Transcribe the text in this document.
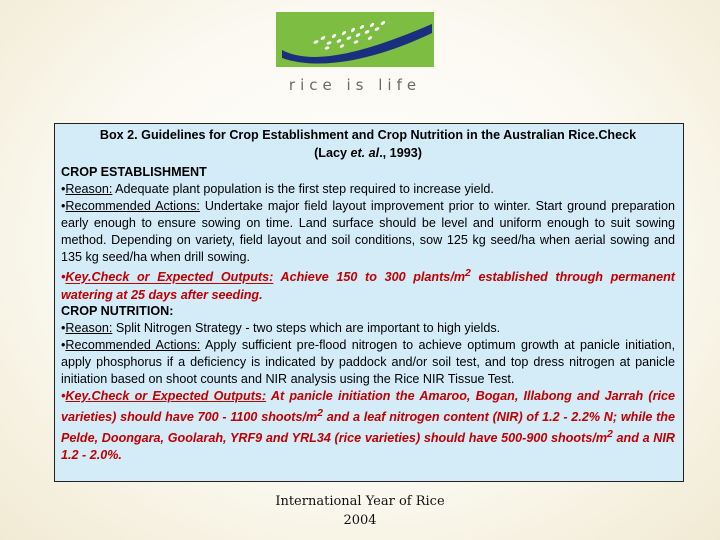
rice is life

Box 2. Guidelines for Crop Establishment and Crop Nutrition in the Australian Rice.Check
(Lacy et. al., 1993)

CROP ESTABLISHMENT

•Reason: Adequate plant population is the first step required to increase yield.

•Recommended Actions: Undertake major field layout improvement prior to winter. Start ground preparation early enough to ensure sowing on time. Land surface should be level and uniform enough to suit sowing method. Depending on variety, field layout and soil conditions, sow 125 kg seed/ha when aerial sowing and 135 kg seed/ha when drill sowing.

•Key.Check or Expected Outputs: Achieve 150 to 300 plants/$m^2$ established through permanent watering at 25 days after seeding.

CROP NUTRITION:

•Reason: Split Nitrogen Strategy - two steps which are important to high yields.

•Recommended Actions: Apply sufficient pre-flood nitrogen to achieve optimum growth at panicle initiation, apply phosphorus if a deficiency is indicated by paddock and/or soil test, and top dress nitrogen at panicle initiation based on shoot counts and NIR analysis using the Rice NIR Tissue Test.

•Key.Check or Expected Outputs: At panicle initiation the Amaroo, Bogan, Illabong and Jarrah (rice varieties) should have 700 - 1100 shoots/$m^2$ and a leaf nitrogen content (NIR) of 1.2 - 2.2% N; while the Pelde, Doongara, Goolarah, YRF9 and YRL34 (rice varieties) should have 500-900 shoots/$m^2$ and a NIR 1.2 - 2.0%.

International Year of Rice
2004
